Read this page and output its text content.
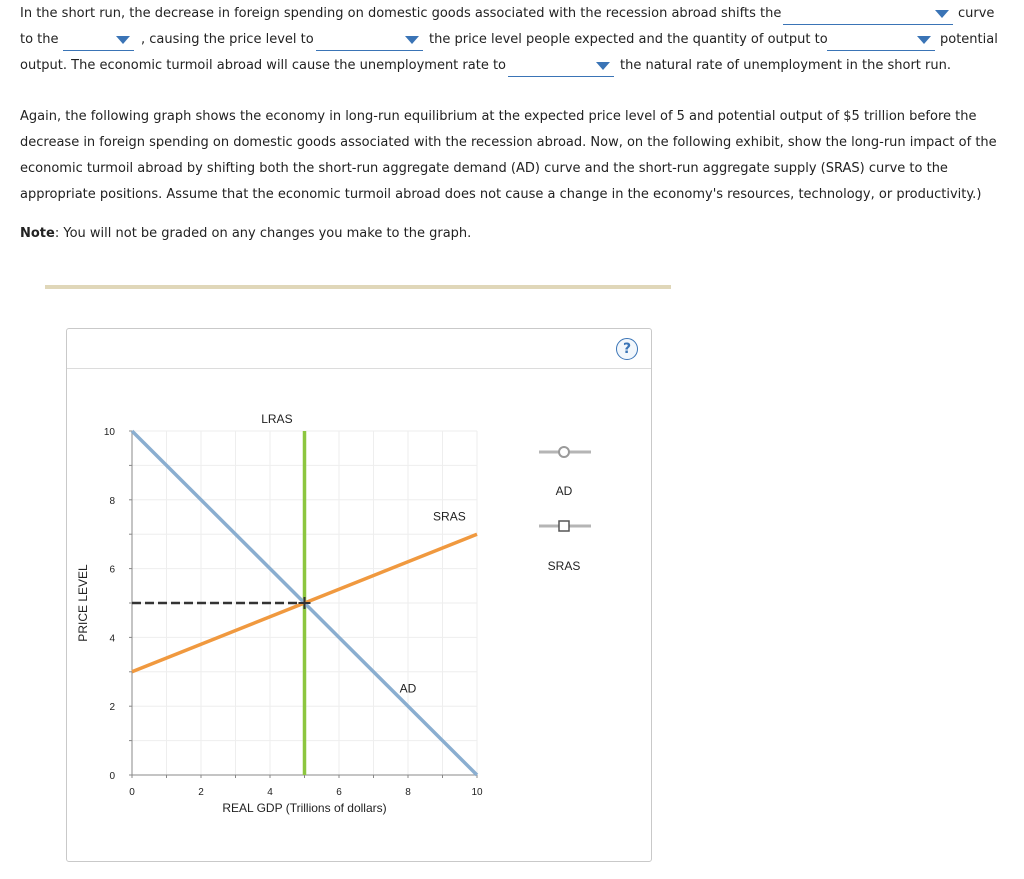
In the short run, the decrease in foreign spending on domestic goods associated with the recession abroad shifts the	curve
to the	, causing the price level to	the price level people expected and the quantity of output to	potential
output. The economic turmoil abroad will cause the unemployment rate to	the natural rate of unemployment in the short run.
Again, the following graph shows the economy in long-run equilibrium at the expected price level of 5 and potential output of $5 trillion before the
decrease in foreign spending on domestic goods associated with the recession abroad. Now, on the following exhibit, show the long-run impact of the
economic turmoil abroad by shifting both the short-run aggregate demand (AD) curve and the short-run aggregate supply (SRAS) curve to the
appropriate positions. Assume that the economic turmoil abroad does not cause a change in the economy's resources, technology, or productivity.)
Note: You will not be graded on any changes you make to the graph.
?
0	2	4	6	8	10
0
2
4
6
8
10
REAL GDP (Trillions of dollars)
PRICE LEVEL
LRAS
SRAS
AD
AD
SRAS
